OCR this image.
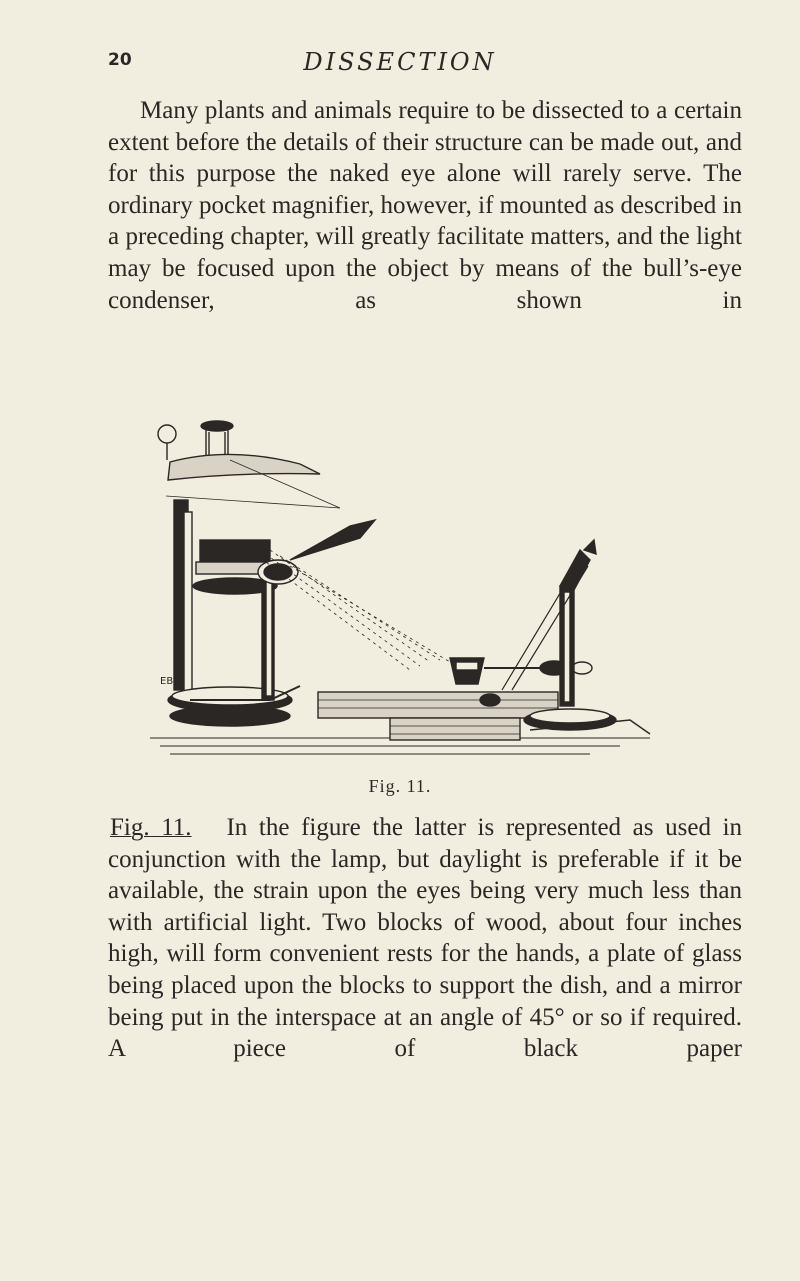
20	DISSECTION

Many plants and animals require to be dissected to a certain extent before the details of their structure can be made out, and for this purpose the naked eye alone will rarely serve. The ordinary pocket magnifier, however, if mounted as described in a preceding chapter, will greatly facilitate matters, and the light may be focused upon the object by means of the bull’s-eye condenser, as shown in

EB
Fig. 11.

Fig. 11. In the figure the latter is represented as used in conjunction with the lamp, but daylight is preferable if it be available, the strain upon the eyes being very much less than with artificial light. Two blocks of wood, about four inches high, will form convenient rests for the hands, a plate of glass being placed upon the blocks to support the dish, and a mirror being put in the interspace at an angle of 45° or so if required. A piece of black paper
